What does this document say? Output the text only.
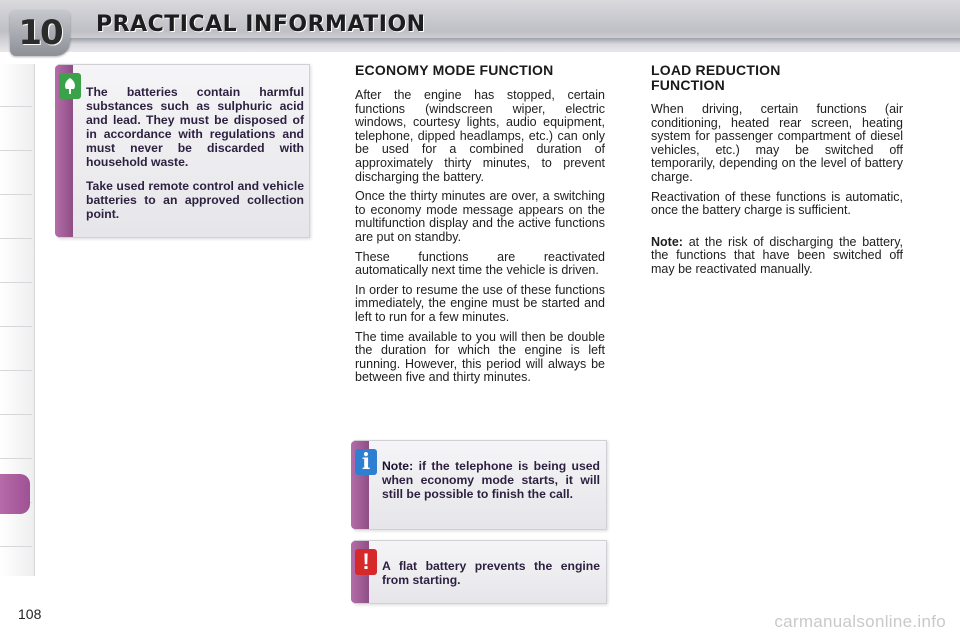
10 PRACTICAL INFORMATION
108
The batteries contain harmful substances such as sulphuric acid and lead. They must be disposed of in accordance with regulations and must never be discarded with household waste.
Take used remote control and vehicle batteries to an approved collection point.
ECONOMY MODE FUNCTION

After the engine has stopped, certain functions (windscreen wiper, electric windows, courtesy lights, audio equipment, telephone, dipped headlamps, etc.) can only be used for a combined duration of approximately thirty minutes, to prevent discharging the battery.

Once the thirty minutes are over, a switching to economy mode message appears on the multifunction display and the active functions are put on standby.

These functions are reactivated automatically next time the vehicle is driven.

In order to resume the use of these functions immediately, the engine must be started and left to run for a few minutes.

The time available to you will then be double the duration for which the engine is left running. However, this period will always be between five and thirty minutes.

i Note: if the telephone is being used when economy mode starts, it will still be possible to finish the call.
!	A flat battery prevents the engine from starting.
LOAD REDUCTION FUNCTION

When driving, certain functions (air conditioning, heated rear screen, heating system for passenger compartment of diesel vehicles, etc.) may be switched off temporarily, depending on the level of battery charge.

Reactivation of these functions is automatic, once the battery charge is sufficient.

Note: at the risk of discharging the battery, the functions that have been switched off may be reactivated manually.

carmanualsonline.info
